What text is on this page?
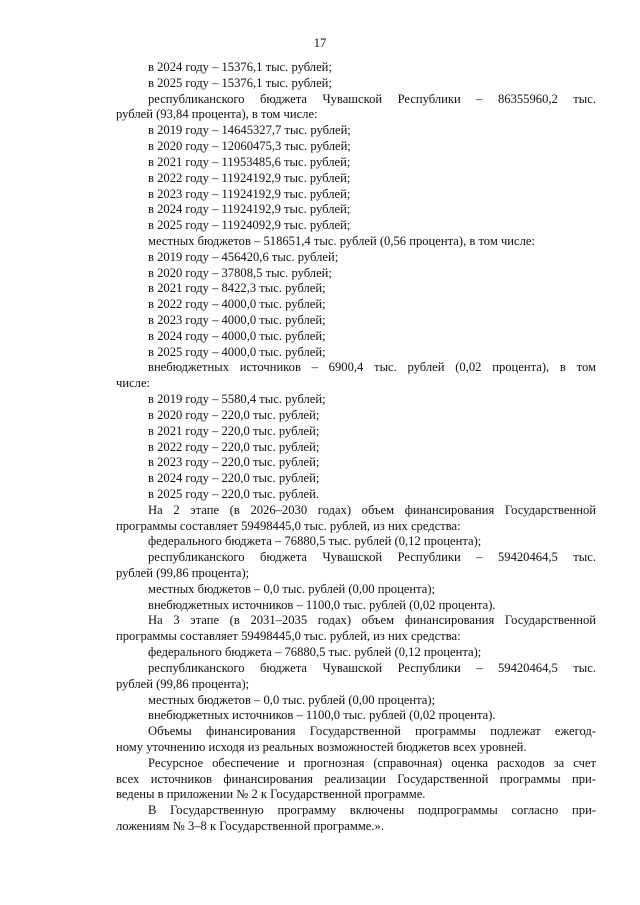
17
в 2024 году – 15376,1 тыс. рублей;
в 2025 году – 15376,1 тыс. рублей;
республиканского бюджета Чувашской Республики – 86355960,2 тыс.
рублей (93,84 процента), в том числе:
в 2019 году – 14645327,7 тыс. рублей;
в 2020 году – 12060475,3 тыс. рублей;
в 2021 году – 11953485,6 тыс. рублей;
в 2022 году – 11924192,9 тыс. рублей;
в 2023 году – 11924192,9 тыс. рублей;
в 2024 году – 11924192,9 тыс. рублей;
в 2025 году – 11924092,9 тыс. рублей;
местных бюджетов – 518651,4 тыс. рублей (0,56 процента), в том числе:
в 2019 году – 456420,6 тыс. рублей;
в 2020 году – 37808,5 тыс. рублей;
в 2021 году – 8422,3 тыс. рублей;
в 2022 году – 4000,0 тыс. рублей;
в 2023 году – 4000,0 тыс. рублей;
в 2024 году – 4000,0 тыс. рублей;
в 2025 году – 4000,0 тыс. рублей;
внебюджетных источников – 6900,4 тыс. рублей (0,02 процента), в том
числе:
в 2019 году – 5580,4 тыс. рублей;
в 2020 году – 220,0 тыс. рублей;
в 2021 году – 220,0 тыс. рублей;
в 2022 году – 220,0 тыс. рублей;
в 2023 году – 220,0 тыс. рублей;
в 2024 году – 220,0 тыс. рублей;
в 2025 году – 220,0 тыс. рублей.
На 2 этапе (в 2026–2030 годах) объем финансирования Государственной
программы составляет 59498445,0 тыс. рублей, из них средства:
федерального бюджета – 76880,5 тыс. рублей (0,12 процента);
республиканского бюджета Чувашской Республики – 59420464,5 тыс.
рублей (99,86 процента);
местных бюджетов – 0,0 тыс. рублей (0,00 процента);
внебюджетных источников – 1100,0 тыс. рублей (0,02 процента).
На 3 этапе (в 2031–2035 годах) объем финансирования Государственной
программы составляет 59498445,0 тыс. рублей, из них средства:
федерального бюджета – 76880,5 тыс. рублей (0,12 процента);
республиканского бюджета Чувашской Республики – 59420464,5 тыс.
рублей (99,86 процента);
местных бюджетов – 0,0 тыс. рублей (0,00 процента);
внебюджетных источников – 1100,0 тыс. рублей (0,02 процента).
Объемы финансирования Государственной программы подлежат ежегод-
ному уточнению исходя из реальных возможностей бюджетов всех уровней.
Ресурсное обеспечение и прогнозная (справочная) оценка расходов за счет
всех источников финансирования реализации Государственной программы при-
ведены в приложении № 2 к Государственной программе.
В Государственную программу включены подпрограммы согласно при-
ложениям № 3–8 к Государственной программе.».
